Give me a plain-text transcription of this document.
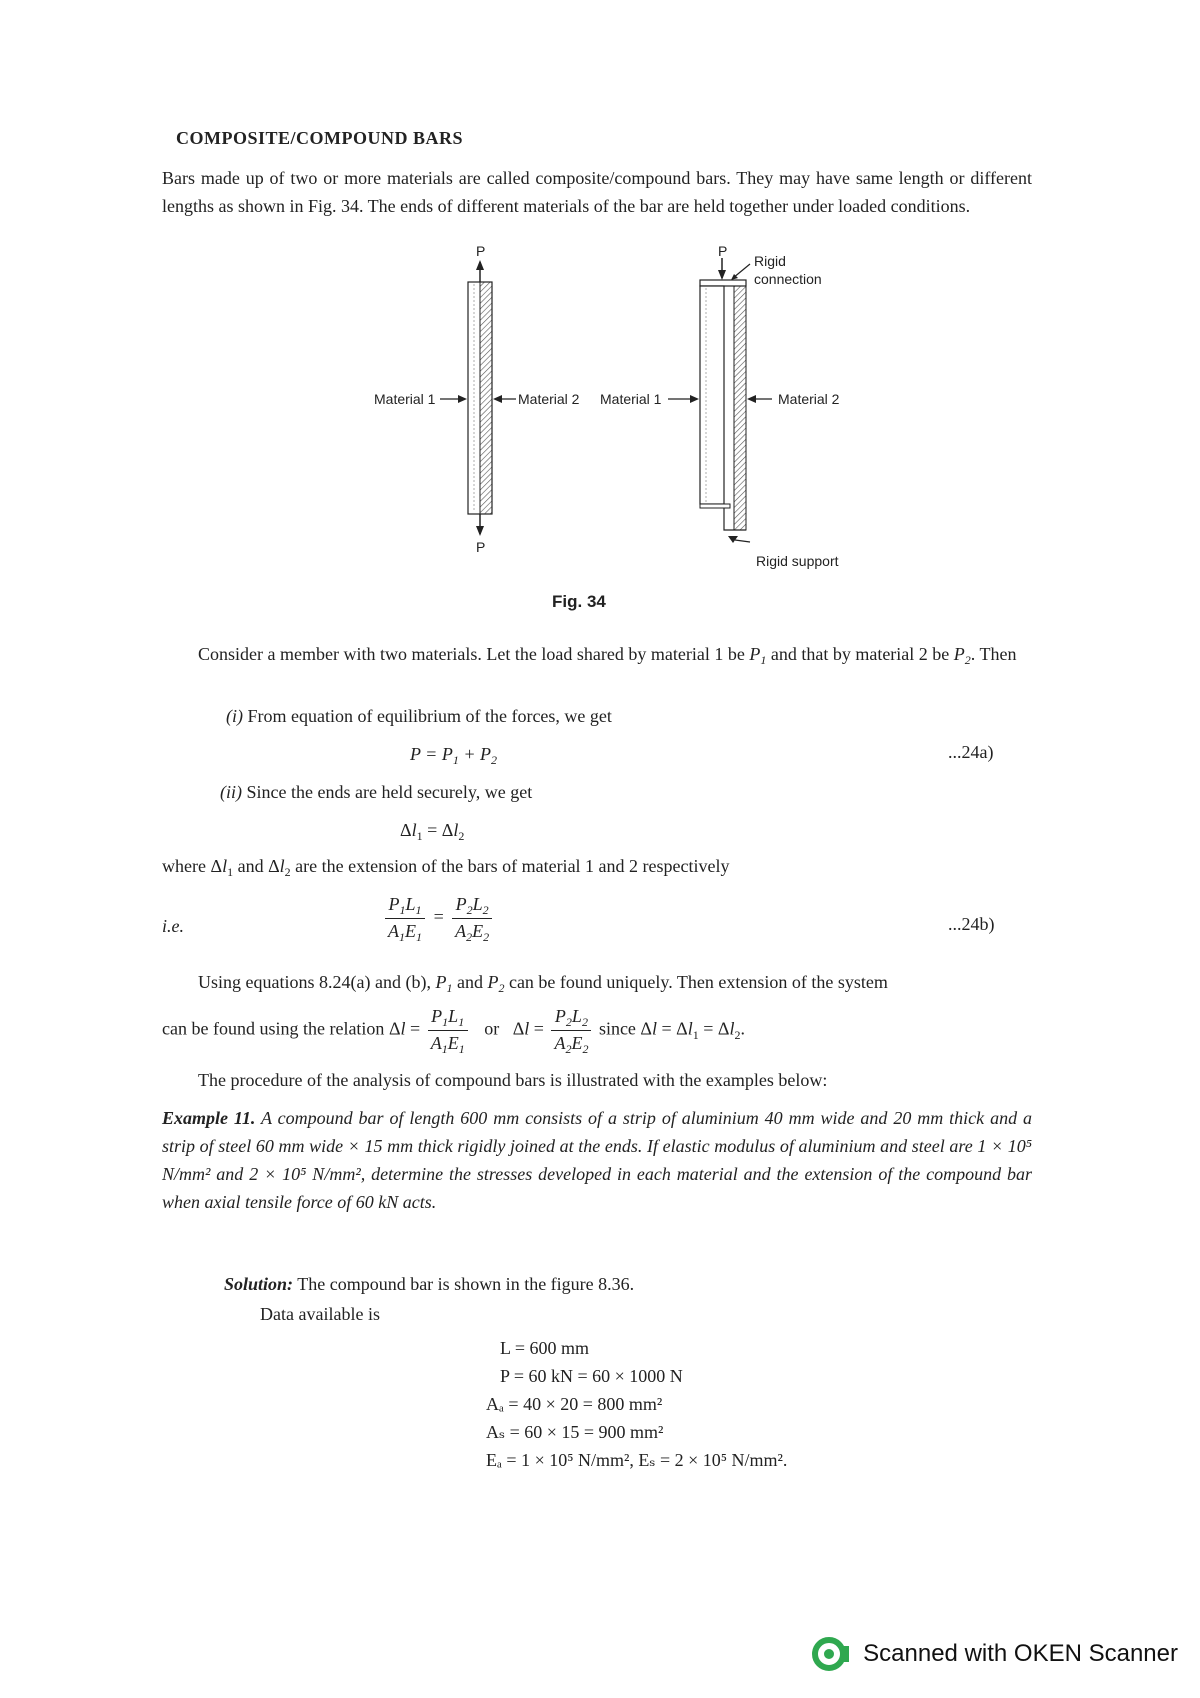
COMPOSITE/COMPOUND BARS
Bars made up of two or more materials are called composite/compound bars. They may have same length or different lengths as shown in Fig. 34. The ends of different materials of the bar are held together under loaded conditions.
P
P
Material 1	Material 2
P
Rigid
connection
Material 1	Material 2
Rigid support
Fig. 34
Consider a member with two materials. Let the load shared by material 1 be $P_1$ and that by material 2 be $P_2$. Then
(i) From equation of equilibrium of the forces, we get
$P = P_1 + P_2$	...24a)
(ii) Since the ends are held securely, we get
$\Delta l_1 = \Delta l_2$
where $\Delta l_1$ and $\Delta l_2$ are the extension of the bars of material 1 and 2 respectively
i.e.	$\frac{P_1L_1}{A_1E_1} = \frac{P_2L_2}{A_2E_2}$	...24b)
Using equations 8.24(a) and (b), $P_1$ and $P_2$ can be found uniquely. Then extension of the system
can be found using the relation $\Delta l = \frac{P_1L_1}{A_1E_1}$ or   $\Delta l = \frac{P_2L_2}{A_2E_2}$ since $\Delta l = \Delta l_1 = \Delta l_2$.
The procedure of the analysis of compound bars is illustrated with the examples below:
Example 11. A compound bar of length 600 mm consists of a strip of aluminium 40 mm wide and 20 mm thick and a strip of steel 60 mm wide × 15 mm thick rigidly joined at the ends. If elastic modulus of aluminium and steel are 1 × 10⁵ N/mm² and 2 × 10⁵ N/mm², determine the stresses developed in each material and the extension of the compound bar when axial tensile force of 60 kN acts.
Solution: The compound bar is shown in the figure 8.36.
Data available is
L = 600 mm
P = 60 kN = 60 × 1000 N
Aₐ = 40 × 20 = 800 mm²
Aₛ = 60 × 15 = 900 mm²
Eₐ = 1 × 10⁵ N/mm², Eₛ = 2 × 10⁵ N/mm².
Scanned with OKEN Scanner
